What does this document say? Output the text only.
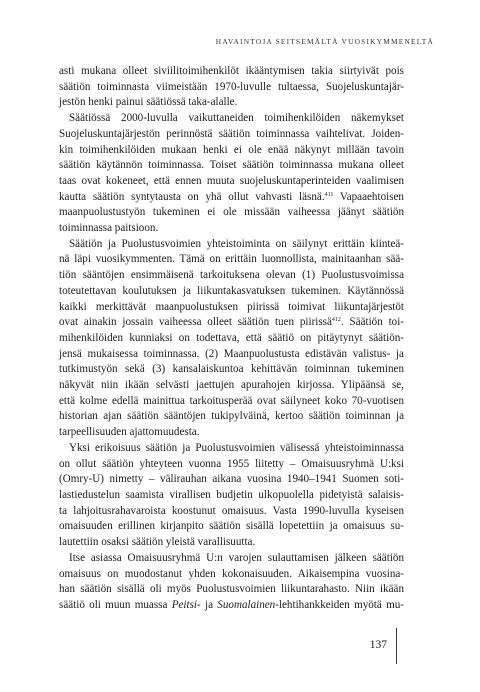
HAVAINTOJA SEITSEMÄLTÄ VUOSIKYMMENELTÄ
asti mukana olleet siviilitoimihenkilöt ikääntymisen takia siirtyivät pois
säätiön toiminnasta viimeistään 1970-luvulle tultaessa, Suojeluskuntajär-
jestön henki painui säätiössä taka-alalle.
Säätiössä 2000-luvulla vaikuttaneiden toimihenkilöiden näkemykset
Suojeluskuntajärjestön perinnöstä säätiön toiminnassa vaihtelivat. Joiden-
kin toimihenkilöiden mukaan henki ei ole enää näkynyt millään tavoin
säätiön käytännön toiminnassa. Toiset säätiön toiminnassa mukana olleet
taas ovat kokeneet, että ennen muuta suojeluskuntaperinteiden vaalimisen
kautta säätiön syntytausta on yhä ollut vahvasti läsnä.$^{411}$ Vapaaehtoisen
maanpuolustustyön tukeminen ei ole missään vaiheessa jäänyt säätiön
toiminnassa paitsioon.
Säätiön ja Puolustusvoimien yhteistoiminta on säilynyt erittäin kiinteä-
nä läpi vuosikymmenten. Tämä on erittäin luonnollista, mainitaanhan sää-
tiön sääntöjen ensimmäisenä tarkoituksena olevan (1) Puolustusvoimissa
toteutettavan koulutuksen ja liikuntakasvatuksen tukeminen. Käytännössä
kaikki merkittävät maanpuolustuksen piirissä toimivat liikuntajärjestöt
ovat ainakin jossain vaiheessa olleet säätiön tuen piirissä$^{412}$. Säätiön toi-
mihenkilöiden kunniaksi on todettava, että säätiö on pitäytynyt säätiön-
jensä mukaisessa toiminnassa. (2) Maanpuolustusta edistävän valistus- ja
tutkimustyön sekä (3) kansalaiskuntoa kehittävän toiminnan tukeminen
näkyvät niin ikään selvästi jaettujen apurahojen kirjossa. Ylipäänsä se,
että kolme edellä mainittua tarkoitusperää ovat säilyneet koko 70-vuotisen
historian ajan säätiön sääntöjen tukipylväinä, kertoo säätiön toiminnan ja
tarpeellisuuden ajattomuudesta.
Yksi erikoisuus säätiön ja Puolustusvoimien välisessä yhteistoiminnassa
on ollut säätiön yhteyteen vuonna 1955 liitetty – Omaisuusryhmä U:ksi
(Omry-U) nimetty – välirauhan aikana vuosina 1940–1941 Suomen soti-
lastiedustelun saamista virallisen budjetin ulkopuolella pidetyistä salaisis-
ta lahjoitusrahavaroista koostunut omaisuus. Vasta 1990-luvulla kyseisen
omaisuuden erillinen kirjanpito säätiön sisällä lopetettiin ja omaisuus su-
lautettiin osaksi säätiön yleistä varallisuutta.
Itse asiassa Omaisuusryhmä U:n varojen sulauttamisen jälkeen säätiön
omaisuus on muodostanut yhden kokonaisuuden. Aikaisempina vuosina-
han säätiön sisällä oli myös Puolustusvoimien liikuntarahasto. Niin ikään
säätiö oli muun muassa Peitsi- ja Suomalainen-lehtihankkeiden myötä mu-
137
